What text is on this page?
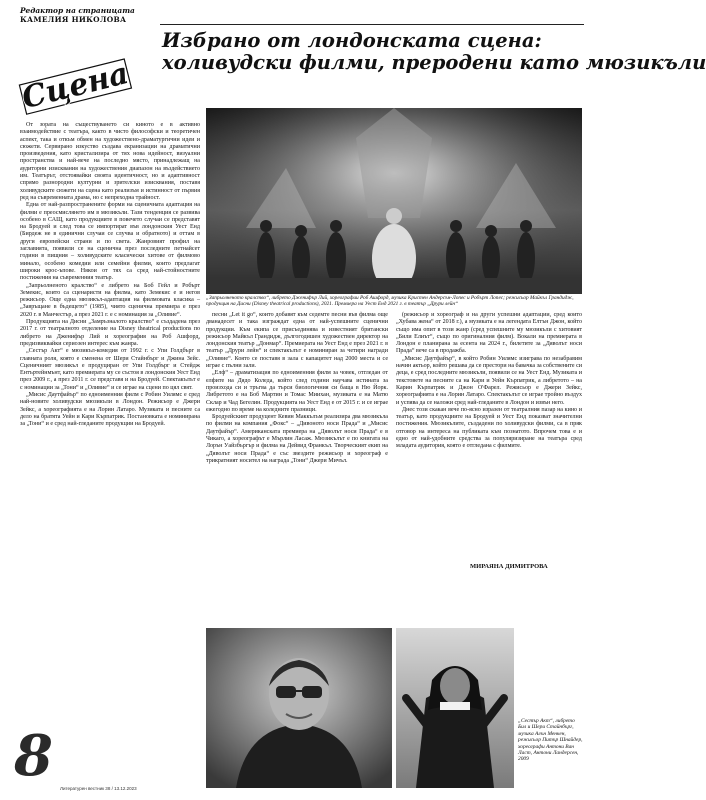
Редактор на страницата
КАМЕЛИЯ НИКОЛОВА
Сцена
Избрано от лондонската сцена:
холивудски филми, преродени като мюзикъли

От зората на съществуването си киното е в активно взаимодействие с театъра, както в чисто философски и теоретичен аспект, така и откъм обмен на художествено-драматургични идеи и сюжети. Сервирано изкуство създава екранизации на драматични произведения, като кристализира от тях нова идейност, визуални пространства и най-вече на последно място, принадлежащ на аудиторни изисквания на художествения диапазон на въздействието им. Театърът, отстоявайки своята идентичност, но и адаптивност спрямо разнородни културни и зрителски изисквания, поставя холивудските сюжети на сцена като реализъм и истинност от първия ред на съвременната драма, но с непреходна трайност.

Една от най-разпространените форми на сценичната адаптация на филми е преосмислянето им в мюзикъли. Тази тенденция се развива особено в САЩ, като продукциите в повечето случаи се представят на Бродуей и след това се импортират във лондонския Уест Енд (Бирдеж не в единични случаи се случва и обратното) и оттам в други европейски страни и по света. Жанровият профил на заглавията, появили се на сценична през последните петнайсет години в пищния – холивудските класически хитове от филмово минало, особено комедии или семейни филми, които предлагат широки крос-ъпове. Някои от тях са сред най-стойностните постижения на съвременния театър.

„Запрьолненото кралство“ е либрето на Боб Гейл и Робърт Земекис, които са сценаристи на филма, като Земекис е и негов режисьор. Още една мюзикъл-адаптация на филмовата класика – „Завръщане в бъдещето“ (1985), чиято сценична премиера е през 2020 г. в Манчестър, а през 2021 г. е с номинация за „Оливие“.

Продукцията на Дисни „Замръзналото кралство“ е създадена през 2017 г. от театралното отделение на Disney theatrical productions по либрето на Дженифър Лий и хореография на Роб Ашфорд, предизвиквайки сериозен интерес към жанра.

„Сестър Акт“ е мюзикъл-комедия от 1992 г. с Упи Голдбърг в главната роля, която е сменена от Шери Стайнбърг и Джина Зейс. Сценичният мюзикъл е продуциран от Упи Голдбърг и Стейдж Ентъртейнмънт, като премиерата му се състоя в лондонския Уест Енд през 2009 г., а през 2011 г. се представя и на Бродуей. Спектакълът е с номинации за „Тони“ и „Оливие“ и се играе на сцени по цял свят.

„Мисис Даутфайър“ по едноименния филм с Робин Уилямс е сред най-новите холивудски мюзикъли в Лондон. Режисьор е Джери Зейкс, а хореографията е на Лорин Латаро. Музиката и песните са дело на братята Уейн и Кари Кърпатрик. Постановката е номинирана за „Тони“ и е сред най-гледаните продукции на Бродуей.

„Запрьолненото кралство“, либрето Дженифър Лий, хореографии Роб Ашфорд, музика Кристен Андерсън-Лопес и Робърт Лопес; режисьор Майкъл Грандидж, продукция на Дисни (Disney theatrical productions), 2021. Премиера на Уест Енд 2021 г. в театър „Друри лейн“

песни „Let it go“, които добавят към седемте песни във филма още дванадесет и така изграждат една от най-успешните сценични продукции. Към екипа се присъединява и известният британски режисьор Майкъл Грандидж, дългогодишен художествен директор на лондонския театър „Донмар“. Премиерата на Уест Енд е през 2021 г. в театър „Друри лейн“ и спектакълът е номиниран за четири награди „Оливие“. Която се поставя в зала с капацитет над 2000 места и се играе с пълни зали.

„Елф“ – драматизация по едноименния филм за човек, отгледан от елфите на Дядо Коледа, който след години научава истината за произхода си и тръгва да търси биологичния си баща в Ню Йорк. Либретото е на Боб Мартин и Томас Миихан, музиката е на Матю Склар и Чад Бегелин. Продукцията на Уест Енд е от 2015 г. и се играе ежегодно по време на коледните празници.

Бродуейският продуцент Кевин Маккълъм реализира два мюзикъла по филми на компания „Фокс“ – „Дивоното носи Прада“ и „Мисис Даутфайър“. Американската премиера на „Дяволът носи Прада“ е в Чикаго, а хореографът е Мърлин Ласаж. Мюзикълът е по книгата на Лорън Уайзбъргър и филма на Дейвид Франкъл. Творческият екип на „Дяволът носи Прада“ е със звездите режисьор и хореограф е трикратният носител на награда „Тони“ Джери Мичъл.

(режисьор и хореограф и на други успешни адаптации, сред които „Хубава жена“ от 2018 г.), а музиката е на легендата Елтън Джон, който също има опит в този жанр (сред успешните му мюзикъли с хитовият „Били Елиът“, също по оригиналния филм). Вокали на премиерата в Лондон е планирана за есента на 2024 г., билетите за „Дяволът носи Прада“ вече са в продажба.

„Мисис Даутфайър“, в който Робин Уилямс изиграва по незабравим начин актьор, който решава да се престори на бавачка за собствените си деца, е сред последните мюзикъли, появили се на Уест Енд. Музиката и текстовете на песните са на Кари и Уейн Кърпатрик, а либретото – на Карин Кърпатрик и Джон О'Фарел. Режисьор е Джери Зейкс, хореографията е на Лорин Латаро. Спектакълът се играе тройно въздух и успява да се наложи сред най-гледаните в Лондон и извън него.

Днес този скакан вече по-ясно изразен от театралния пазар на кино и театър, като продукциите на Бродуей и Уест Енд показват значителни постижения. Мюзикълите, създадени по холивудски филми, са в пряк отговор на интереса на публиката към познатото. Впрочем това е и едно от най-удобните средства за популяризиране на театъра сред младата аудитория, която е отгледана с филмите.

МИРАЯНА ДИМИТРОВА
„Сестър Акт“, либрето Бил и Шери Стайнбърг, музика Алън Менкен, режисьор Питър Шнайдер, хореографи Антони Ван Ласт, Антони Ландерсен, 2009
8 Литературен вестник 38 / 13.12.2023
